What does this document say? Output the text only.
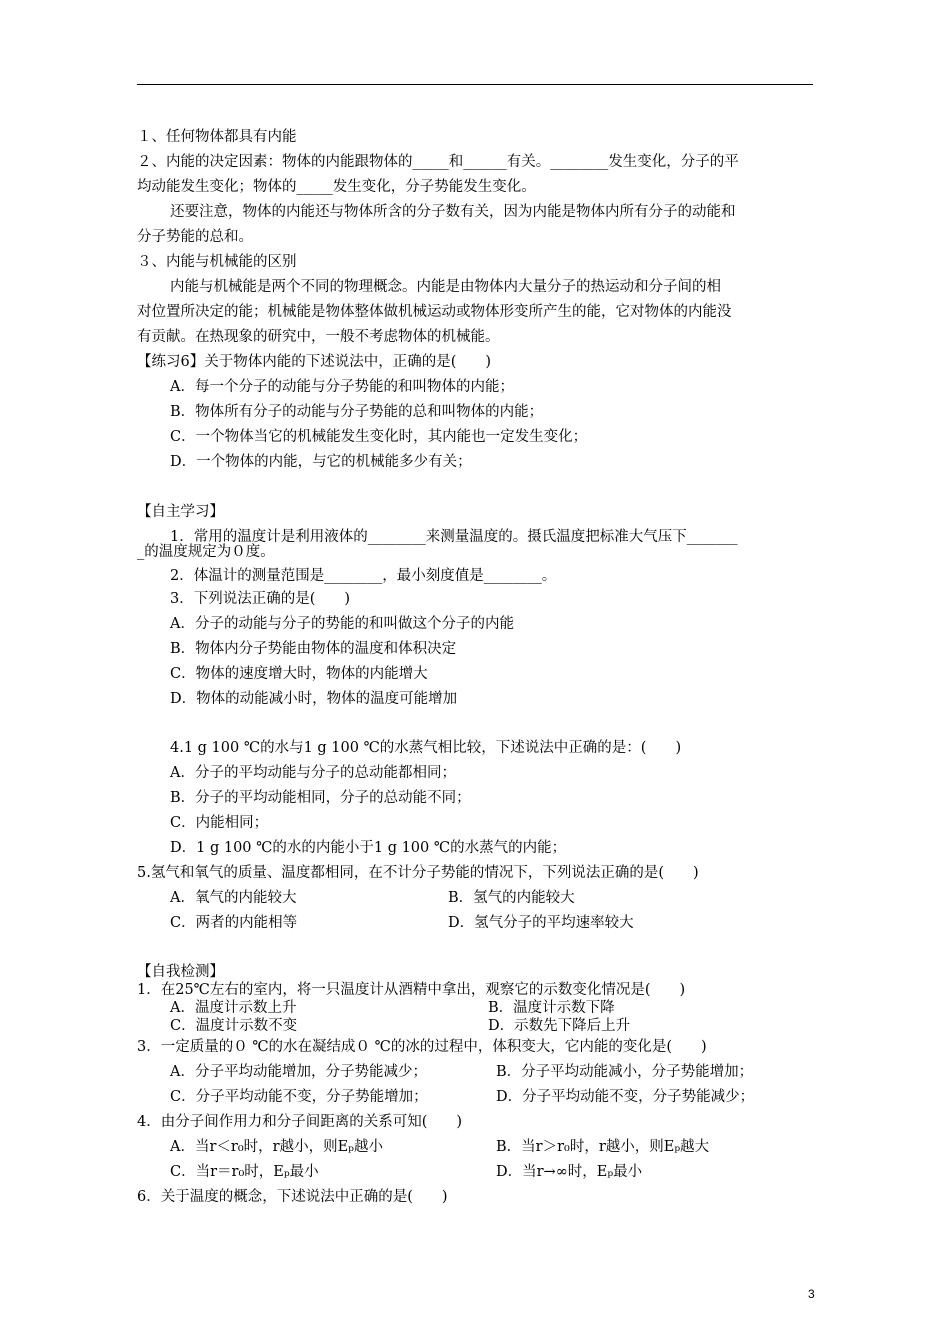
１、任何物体都具有内能
２、内能的决定因素：物体的内能跟物体的_____和______有关。________发生变化，分子的平
均动能发生变化；物体的_____发生变化，分子势能发生变化。
还要注意，物体的内能还与物体所含的分子数有关，因为内能是物体内所有分子的动能和
分子势能的总和。
３、内能与机械能的区别
内能与机械能是两个不同的物理概念。内能是由物体内大量分子的热运动和分子间的相
对位置所决定的能；机械能是物体整体做机械运动或物体形变所产生的能，它对物体的内能没
有贡献。在热现象的研究中，一般不考虑物体的机械能。
【练习6】关于物体内能的下述说法中，正确的是(　　)
A．每一个分子的动能与分子势能的和叫物体的内能；
B．物体所有分子的动能与分子势能的总和叫物体的内能；
C．一个物体当它的机械能发生变化时，其内能也一定发生变化；
D．一个物体的内能，与它的机械能多少有关；
【自主学习】
1．常用的温度计是利用液体的________来测量温度的。摄氏温度把标准大气压下_______
_的温度规定为０度。
2．体温计的测量范围是________，最小刻度值是________。
3．下列说法正确的是(　　)
A．分子的动能与分子的势能的和叫做这个分子的内能
B．物体内分子势能由物体的温度和体积决定
C．物体的速度增大时，物体的内能增大
D．物体的动能减小时，物体的温度可能增加
4.1 g 100 ℃的水与1 g 100 ℃的水蒸气相比较，下述说法中正确的是：(　　)
A．分子的平均动能与分子的总动能都相同；
B．分子的平均动能相同，分子的总动能不同；
C．内能相同；
D．1 g 100 ℃的水的内能小于1 g 100 ℃的水蒸气的内能；
5.氢气和氧气的质量、温度都相同，在不计分子势能的情况下，下列说法正确的是(　　)
A．氧气的内能较大	B．氢气的内能较大
C．两者的内能相等	D．氢气分子的平均速率较大
【自我检测】
1．在25℃左右的室内，将一只温度计从酒精中拿出，观察它的示数变化情况是(　　)
A．温度计示数上升	B．温度计示数下降
C．温度计示数不变	D．示数先下降后上升
3．一定质量的０ ℃的水在凝结成０ ℃的冰的过程中，体积变大，它内能的变化是(　　)
A．分子平均动能增加，分子势能减少；	B．分子平均动能减小，分子势能增加；
C．分子平均动能不变，分子势能增加；	D．分子平均动能不变，分子势能减少；
4．由分子间作用力和分子间距离的关系可知(　　)
A．当r＜r₀时，r越小，则Eₚ越小	B．当r＞r₀时，r越小，则Eₚ越大
C．当r＝r₀时，Eₚ最小	D．当r→∞时，Eₚ最小
6．关于温度的概念，下述说法中正确的是(　　)
3
